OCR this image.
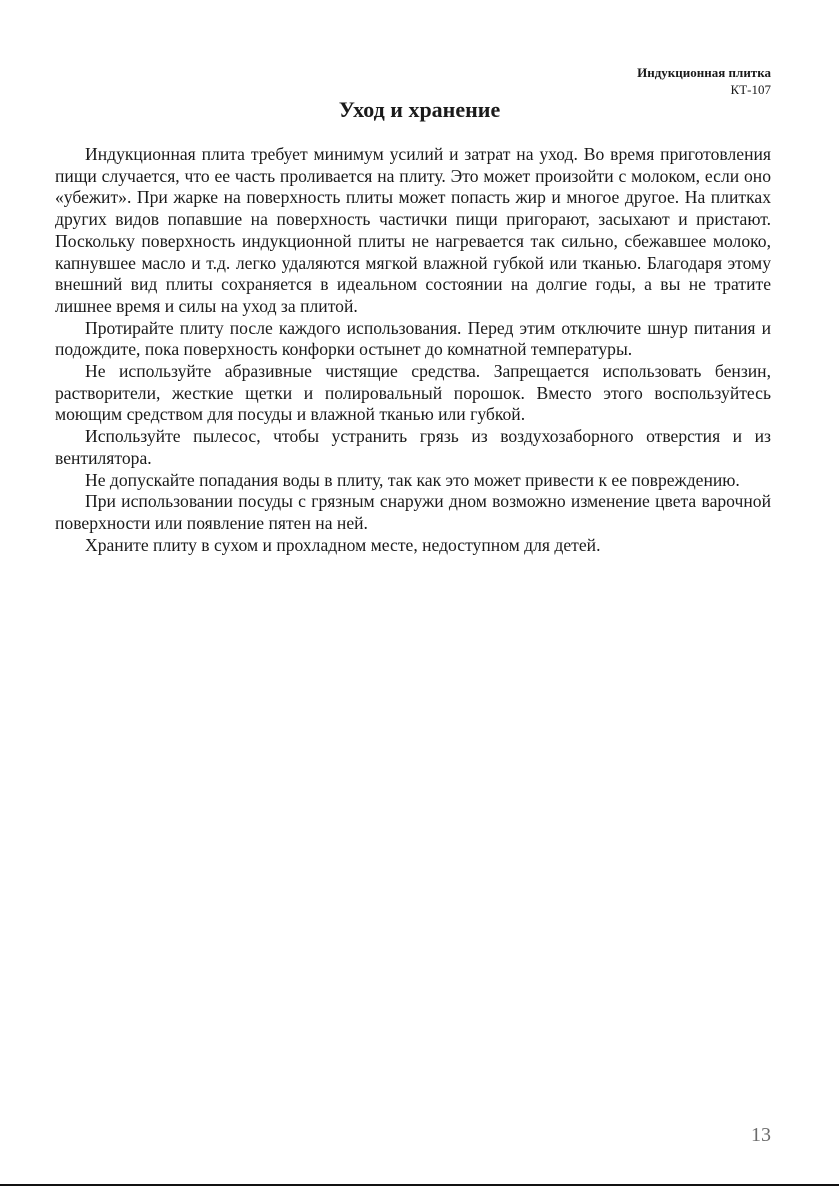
Индукционная плитка
КТ-107
Уход и хранение

Индукционная плита требует минимум усилий и затрат на уход. Во время приготовления пищи случается, что ее часть проливается на плиту. Это может произойти с молоком, если оно «убежит». При жарке на поверхность плиты может попасть жир и многое другое. На плитках других видов попавшие на поверхность частички пищи пригорают, засыхают и пристают. Поскольку поверхность индукционной плиты не нагревается так сильно, сбежавшее молоко, капнувшее масло и т.д. легко удаляются мягкой влажной губкой или тканью. Благодаря этому внешний вид плиты сохраняется в идеальном состоянии на долгие годы, а вы не тратите лишнее время и силы на уход за плитой.

Протирайте плиту после каждого использования. Перед этим отключите шнур питания и подождите, пока поверхность конфорки остынет до комнатной температуры.

Не используйте абразивные чистящие средства. Запрещается использовать бензин, растворители, жесткие щетки и полировальный порошок. Вместо этого воспользуйтесь моющим средством для посуды и влажной тканью или губкой.

Используйте пылесос, чтобы устранить грязь из воздухозаборного отверстия и из вентилятора.

Не допускайте попадания воды в плиту, так как это может привести к ее повреждению.

При использовании посуды с грязным снаружи дном возможно изменение цвета варочной поверхности или появление пятен на ней.

Храните плиту в сухом и прохладном месте, недоступном для детей.

13
